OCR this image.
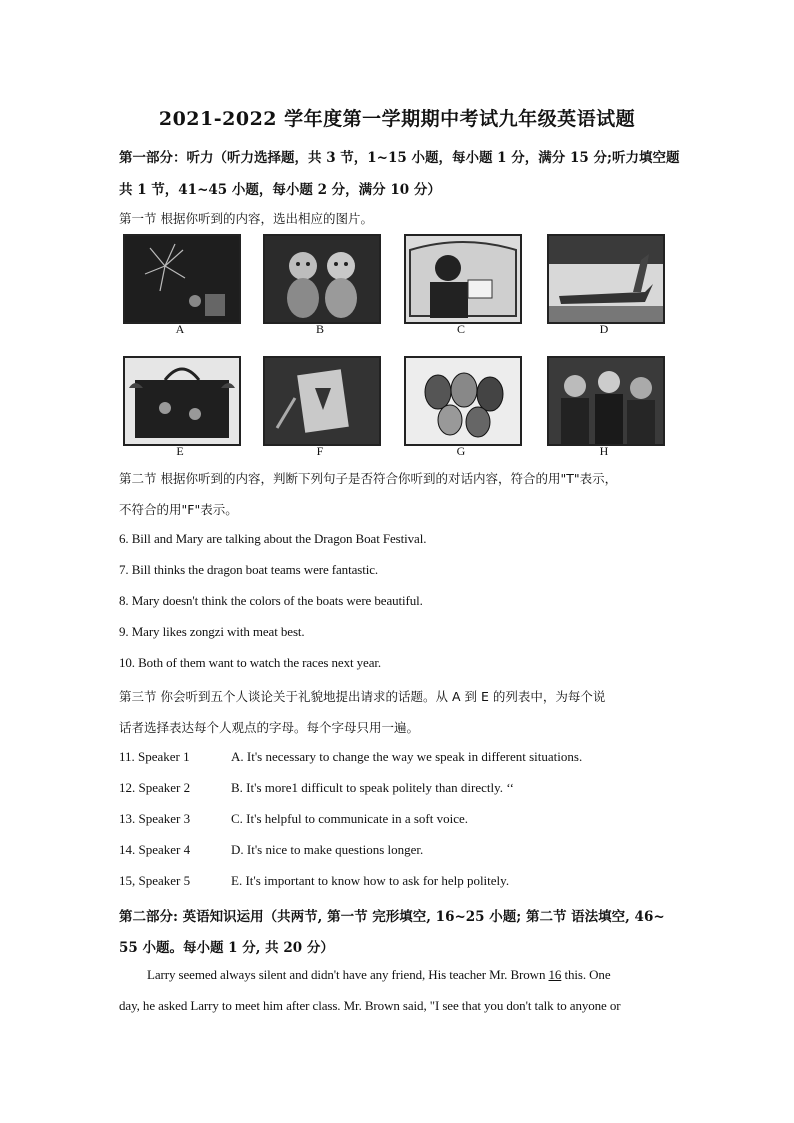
2021-2022 学年度第一学期期中考试九年级英语试题
第一部分：听力（听力选择题，共 3 节，1~15 小题，每小题 1 分，满分 15 分;听力填空题
共 1 节，41~45 小题，每小题 2 分，满分 10 分）
第一节 根据你听到的内容，选出相应的图片。
A	B	C	D
E	F	G	H
第二节 根据你听到的内容，判断下列句子是否符合你听到的对话内容，符合的用"T"表示，
不符合的用"F"表示。
6. Bill and Mary are talking about the Dragon Boat Festival.
7. Bill thinks the dragon boat teams were fantastic.
8. Mary doesn't think the colors of the boats were beautiful.
9. Mary likes zongzi with meat best.
10. Both of them want to watch the races next year.
第三节 你会听到五个人谈论关于礼貌地提出请求的话题。从 A 到 E 的列表中，为每个说
话者选择表达每个人观点的字母。每个字母只用一遍。
11. Speaker 1	A. It's necessary to change the way we speak in different situations.
12. Speaker 2	B. It's more1 difficult to speak politely than directly. ‘‘
13. Speaker 3	C. It's helpful to communicate in a soft voice.
14. Speaker 4	D. It's nice to make questions longer.
15, Speaker 5	E. It's important to know how to ask for help politely.
第二部分: 英语知识运用（共两节, 第一节 完形填空, 16~25 小题; 第二节 语法填空, 46~
55 小题。每小题 1 分, 共 20 分）
Larry seemed always silent and didn't have any friend, His teacher Mr. Brown 16 this. One
day, he asked Larry to meet him after class. Mr. Brown said, "I see that you don't talk to anyone or
